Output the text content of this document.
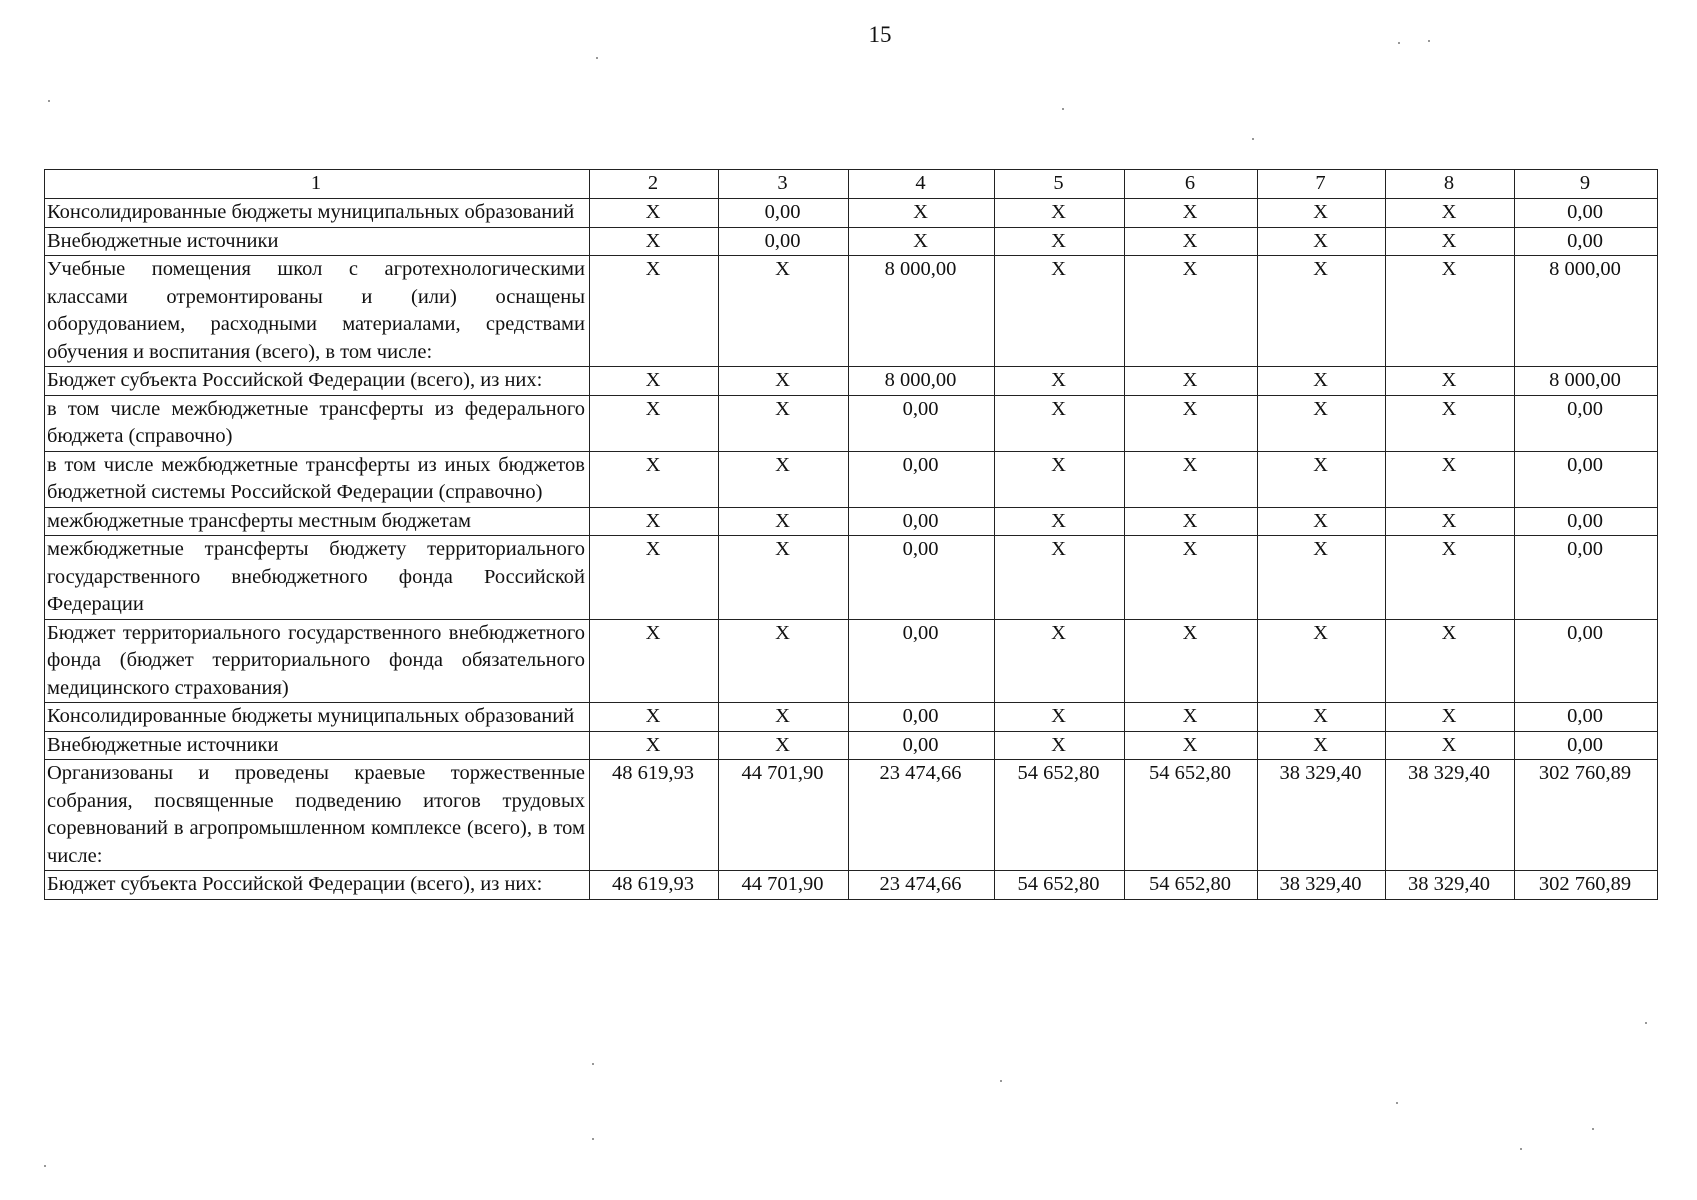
15
1	2	3	4	5	6	7	8	9
Консолидированные бюджеты муниципальных образований	X	0,00	X	X	X	X	X	0,00
Внебюджетные источники	X	0,00	X	X	X	X	X	0,00
Учебные помещения школ с агротехнологическими классами отремонтированы и (или) оснащены оборудованием, расходными материалами, средствами обучения и воспитания (всего), в том числе:	X	X	8 000,00	X	X	X	X	8 000,00
Бюджет субъекта Российской Федерации (всего), из них:	X	X	8 000,00	X	X	X	X	8 000,00
в том числе межбюджетные трансферты из федерального бюджета (справочно)	X	X	0,00	X	X	X	X	0,00
в том числе межбюджетные трансферты из иных бюджетов бюджетной системы Российской Федерации (справочно)	X	X	0,00	X	X	X	X	0,00
межбюджетные трансферты местным бюджетам	X	X	0,00	X	X	X	X	0,00
межбюджетные трансферты бюджету территориального государственного внебюджетного фонда Российской Федерации	X	X	0,00	X	X	X	X	0,00
Бюджет территориального государственного внебюджетного фонда (бюджет территориального фонда обязательного медицинского страхования)	X	X	0,00	X	X	X	X	0,00
Консолидированные бюджеты муниципальных образований	X	X	0,00	X	X	X	X	0,00
Внебюджетные источники	X	X	0,00	X	X	X	X	0,00
Организованы и проведены краевые торжественные собрания, посвященные подведению итогов трудовых соревнований в агропромышленном комплексе (всего), в том числе:	48 619,93	44 701,90	23 474,66	54 652,80	54 652,80	38 329,40	38 329,40	302 760,89
Бюджет субъекта Российской Федерации (всего), из них:	48 619,93	44 701,90	23 474,66	54 652,80	54 652,80	38 329,40	38 329,40	302 760,89
